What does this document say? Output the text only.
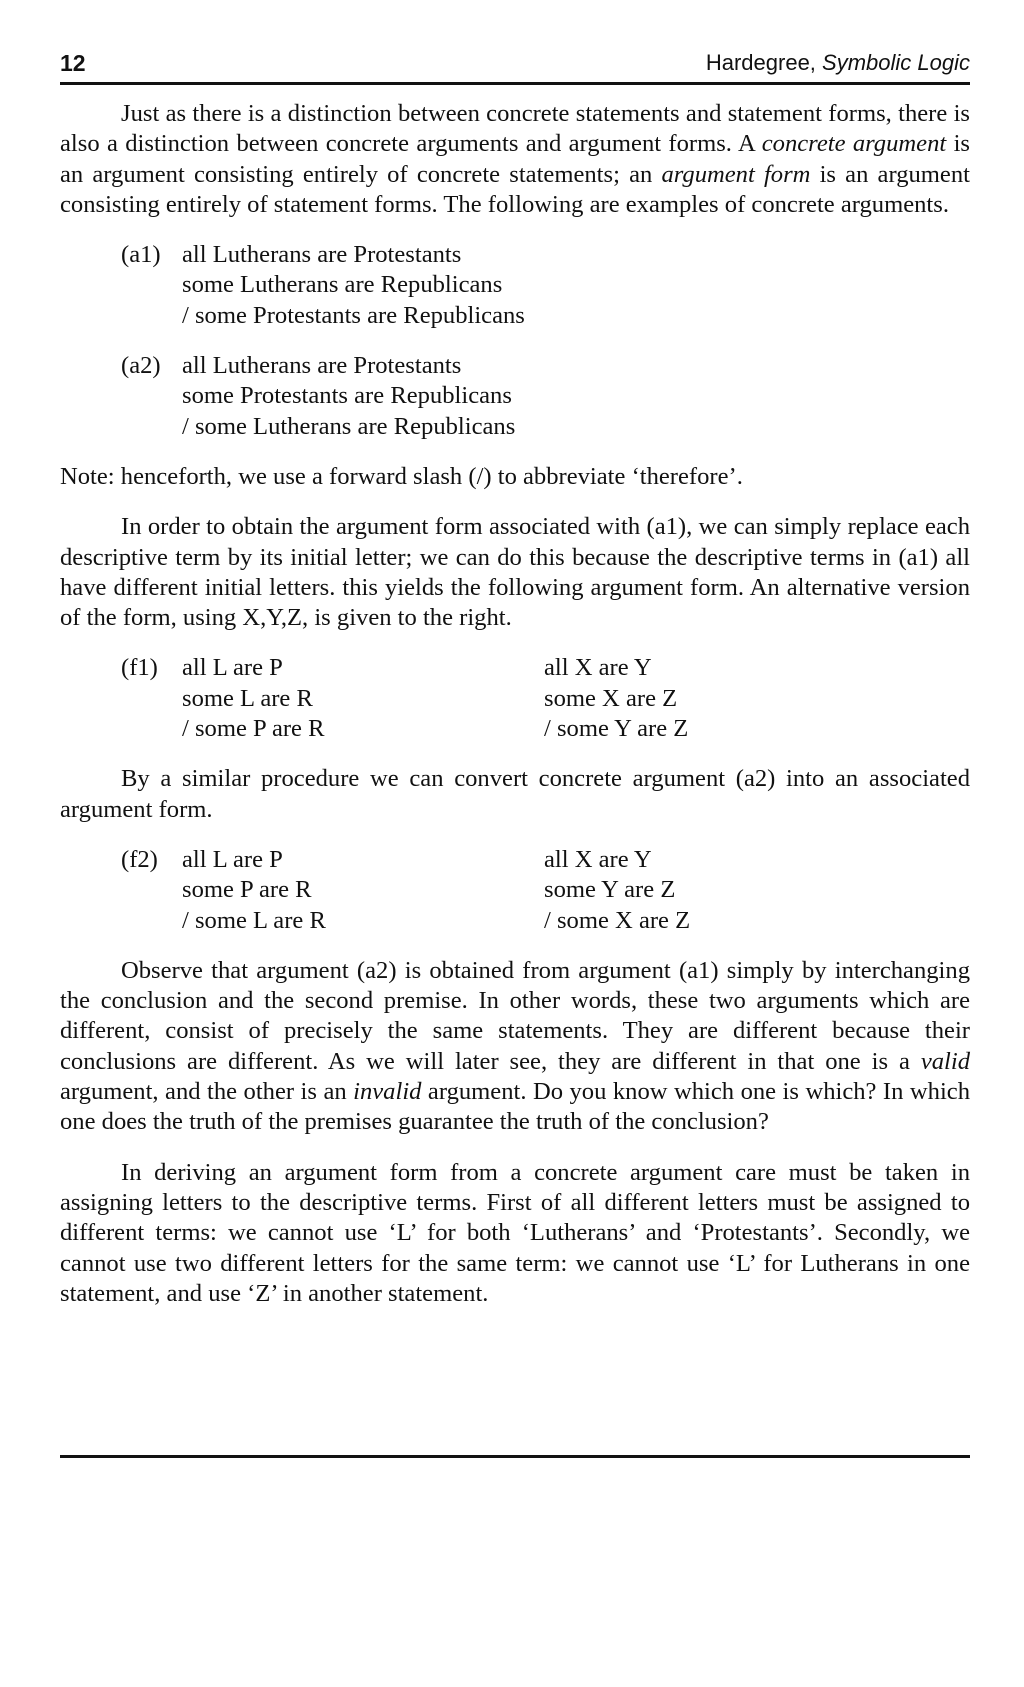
12	Hardegree, Symbolic Logic

Just as there is a distinction between concrete statements and statement forms, there is also a distinction between concrete arguments and argument forms. A concrete argument is an argument consisting entirely of concrete statements; an argument form is an argument consisting entirely of statement forms. The following are examples of concrete arguments.

(a1) all Lutherans are Protestants
some Lutherans are Republicans
/ some Protestants are Republicans
(a2) all Lutherans are Protestants
some Protestants are Republicans
/ some Lutherans are Republicans

Note: henceforth, we use a forward slash (/) to abbreviate ‘therefore’.

In order to obtain the argument form associated with (a1), we can simply replace each descriptive term by its initial letter; we can do this because the descriptive terms in (a1) all have different initial letters. this yields the following argument form. An alternative version of the form, using X,Y,Z, is given to the right.

(f1) all L are P
some L are R
/ some P are R
all X are Y
some X are Z
/ some Y are Z

By a similar procedure we can convert concrete argument (a2) into an associated argument form.

(f2) all L are P
some P are R
/ some L are R
all X are Y
some Y are Z
/ some X are Z

Observe that argument (a2) is obtained from argument (a1) simply by interchanging the conclusion and the second premise. In other words, these two arguments which are different, consist of precisely the same statements. They are different because their conclusions are different. As we will later see, they are different in that one is a valid argument, and the other is an invalid argument. Do you know which one is which? In which one does the truth of the premises guarantee the truth of the conclusion?

In deriving an argument form from a concrete argument care must be taken in assigning letters to the descriptive terms. First of all different letters must be assigned to different terms: we cannot use ‘L’ for both ‘Lutherans’ and ‘Protestants’. Secondly, we cannot use two different letters for the same term: we cannot use ‘L’ for Lutherans in one statement, and use ‘Z’ in another statement.
